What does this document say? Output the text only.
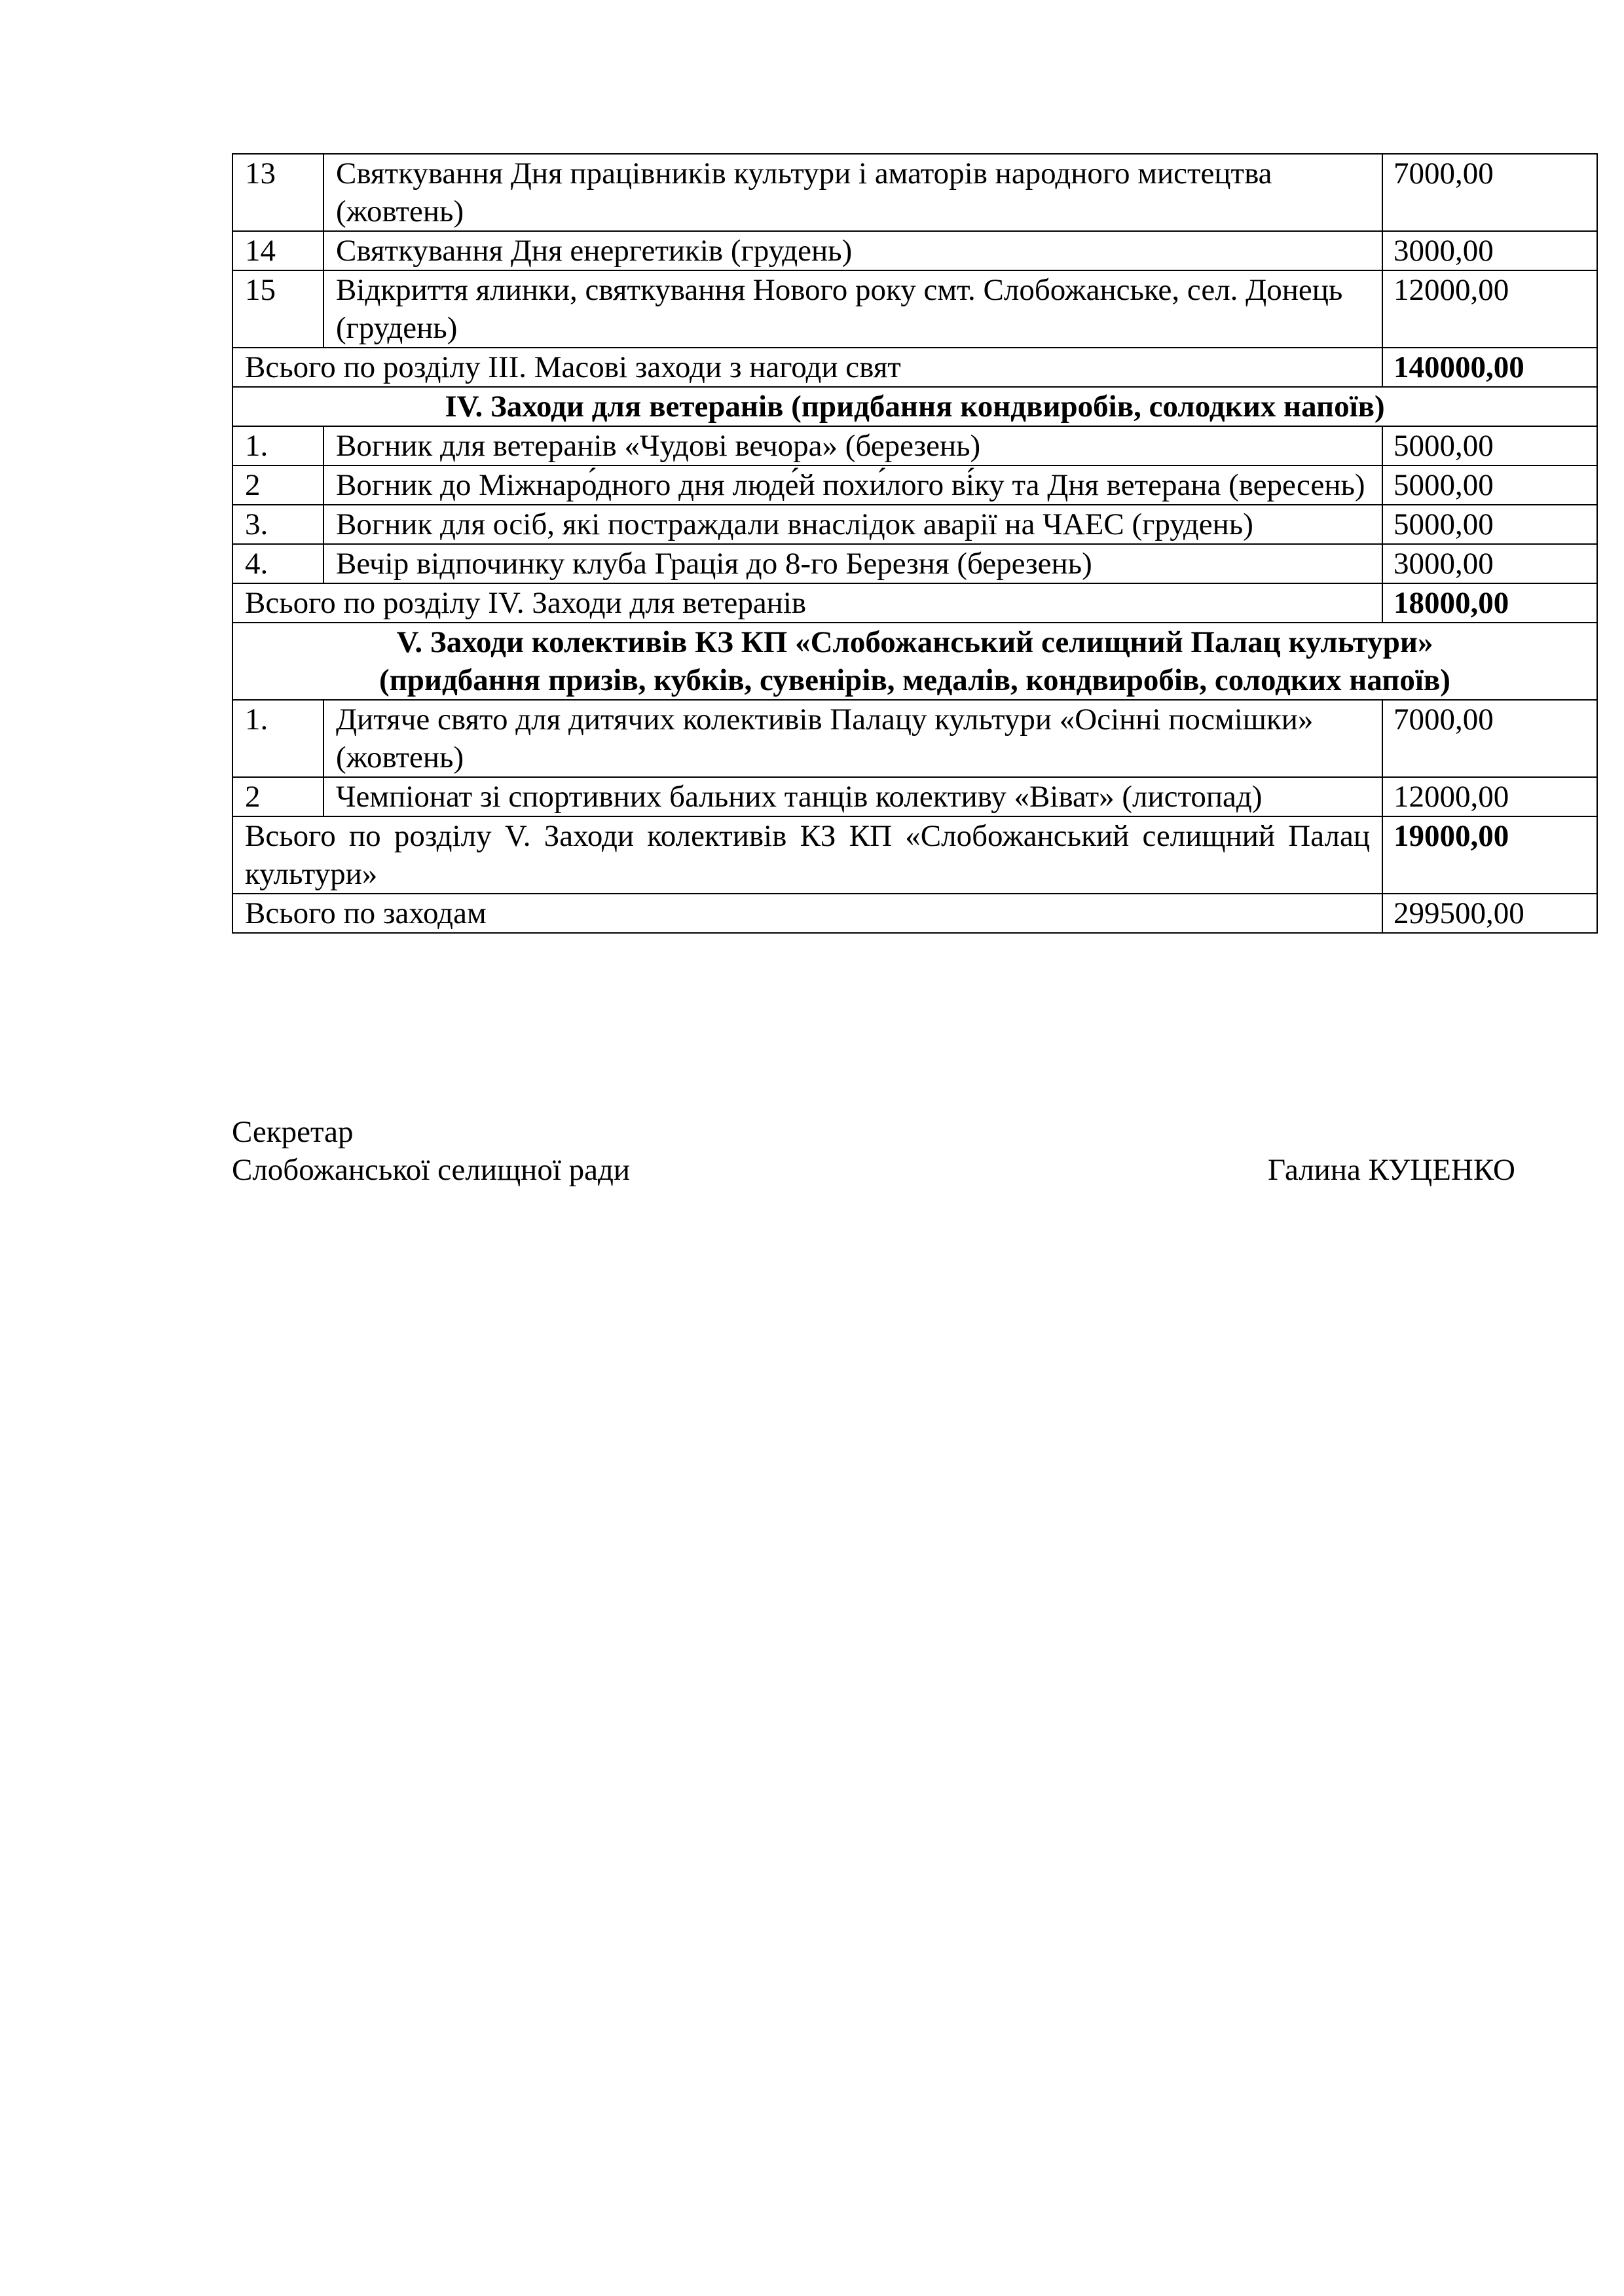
13	Святкування Дня працівників культури і аматорів народного мистецтва (жовтень)	7000,00
14	Святкування Дня енергетиків (грудень)	3000,00
15	Відкриття ялинки, святкування Нового року смт. Слобожанське, сел. Донець (грудень)	12000,00
Всього по розділу ІІІ. Масові заходи з нагоди свят		140000,00
ІV. Заходи для ветеранів (придбання кондвиробів, солодких напоїв)		
1.	Вогник для ветеранів «Чудові вечора» (березень)	5000,00
2	Вогник до Міжнаро́дного дня люде́й похи́лого ві́ку та Дня ветерана (вересень)	5000,00
3.	Вогник для осіб, які постраждали внаслідок аварії на ЧАЕС (грудень)	5000,00
4.	Вечір відпочинку клуба Грація до 8-го Березня (березень)	3000,00
Всього по розділу ІV. Заходи для ветеранів		18000,00

V. Заходи колективів КЗ КП «Слобожанський селищний Палац культури»
(придбання призів, кубків, сувенірів, медалів, кондвиробів, солодких напоїв)		

1.	Дитяче свято для дитячих колективів Палацу культури «Осінні посмішки» (жовтень)	7000,00
2	Чемпіонат зі спортивних бальних танців колективу «Віват» (листопад)	12000,00
Всього по розділу V. Заходи колективів КЗ КП «Слобожанський селищний Палац культури»		19000,00
Всього по заходам		299500,00
Секретар
Слобожанської селищної ради	Галина КУЦЕНКО
